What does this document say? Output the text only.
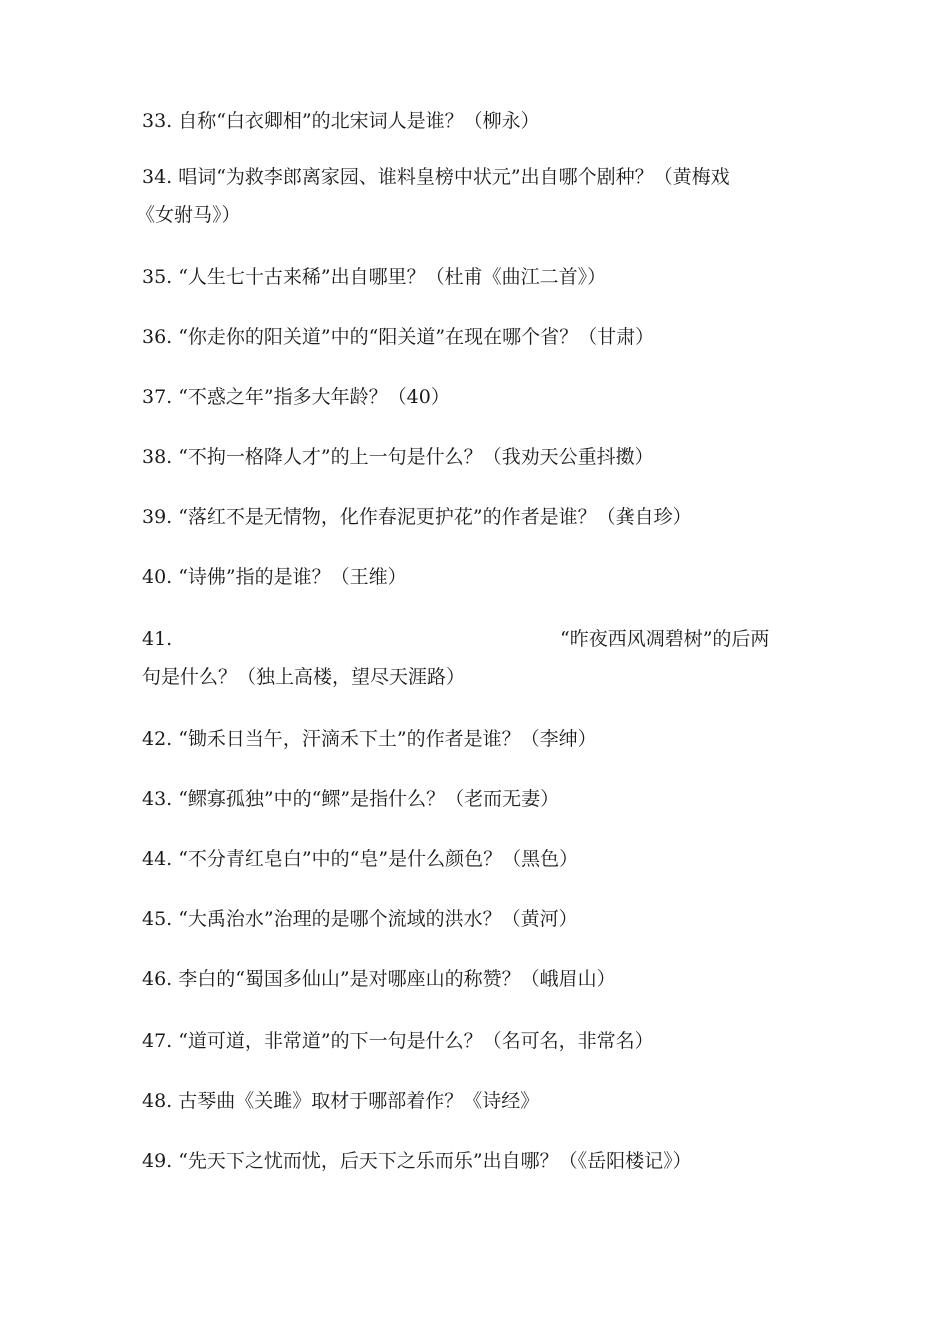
33. 自称“白衣卿相”的北宋词人是谁？（柳永）
34. 唱词“为救李郎离家园、谁料皇榜中状元”出自哪个剧种？（黄梅戏
《女驸马》）
35. “人生七十古来稀”出自哪里？（杜甫《曲江二首》）
36. “你走你的阳关道”中的“阳关道”在现在哪个省？（甘肃）
37. “不惑之年”指多大年龄？（40）
38. “不拘一格降人才”的上一句是什么？（我劝天公重抖擞）
39. “落红不是无情物，化作春泥更护花”的作者是谁？（龚自珍）
40. “诗佛”指的是谁？（王维）
41.	“昨夜西风凋碧树”的后两
句是什么？（独上高楼，望尽天涯路）
42. “锄禾日当午，汗滴禾下土”的作者是谁？（李绅）
43. “鳏寡孤独”中的“鳏”是指什么？（老而无妻）
44. “不分青红皂白”中的“皂”是什么颜色？（黑色）
45. “大禹治水”治理的是哪个流域的洪水？（黄河）
46. 李白的“蜀国多仙山”是对哪座山的称赞？（峨眉山）
47. “道可道，非常道”的下一句是什么？（名可名，非常名）
48. 古琴曲《关雎》取材于哪部着作？《诗经》
49. “先天下之忧而忧，后天下之乐而乐”出自哪？（《岳阳楼记》）
